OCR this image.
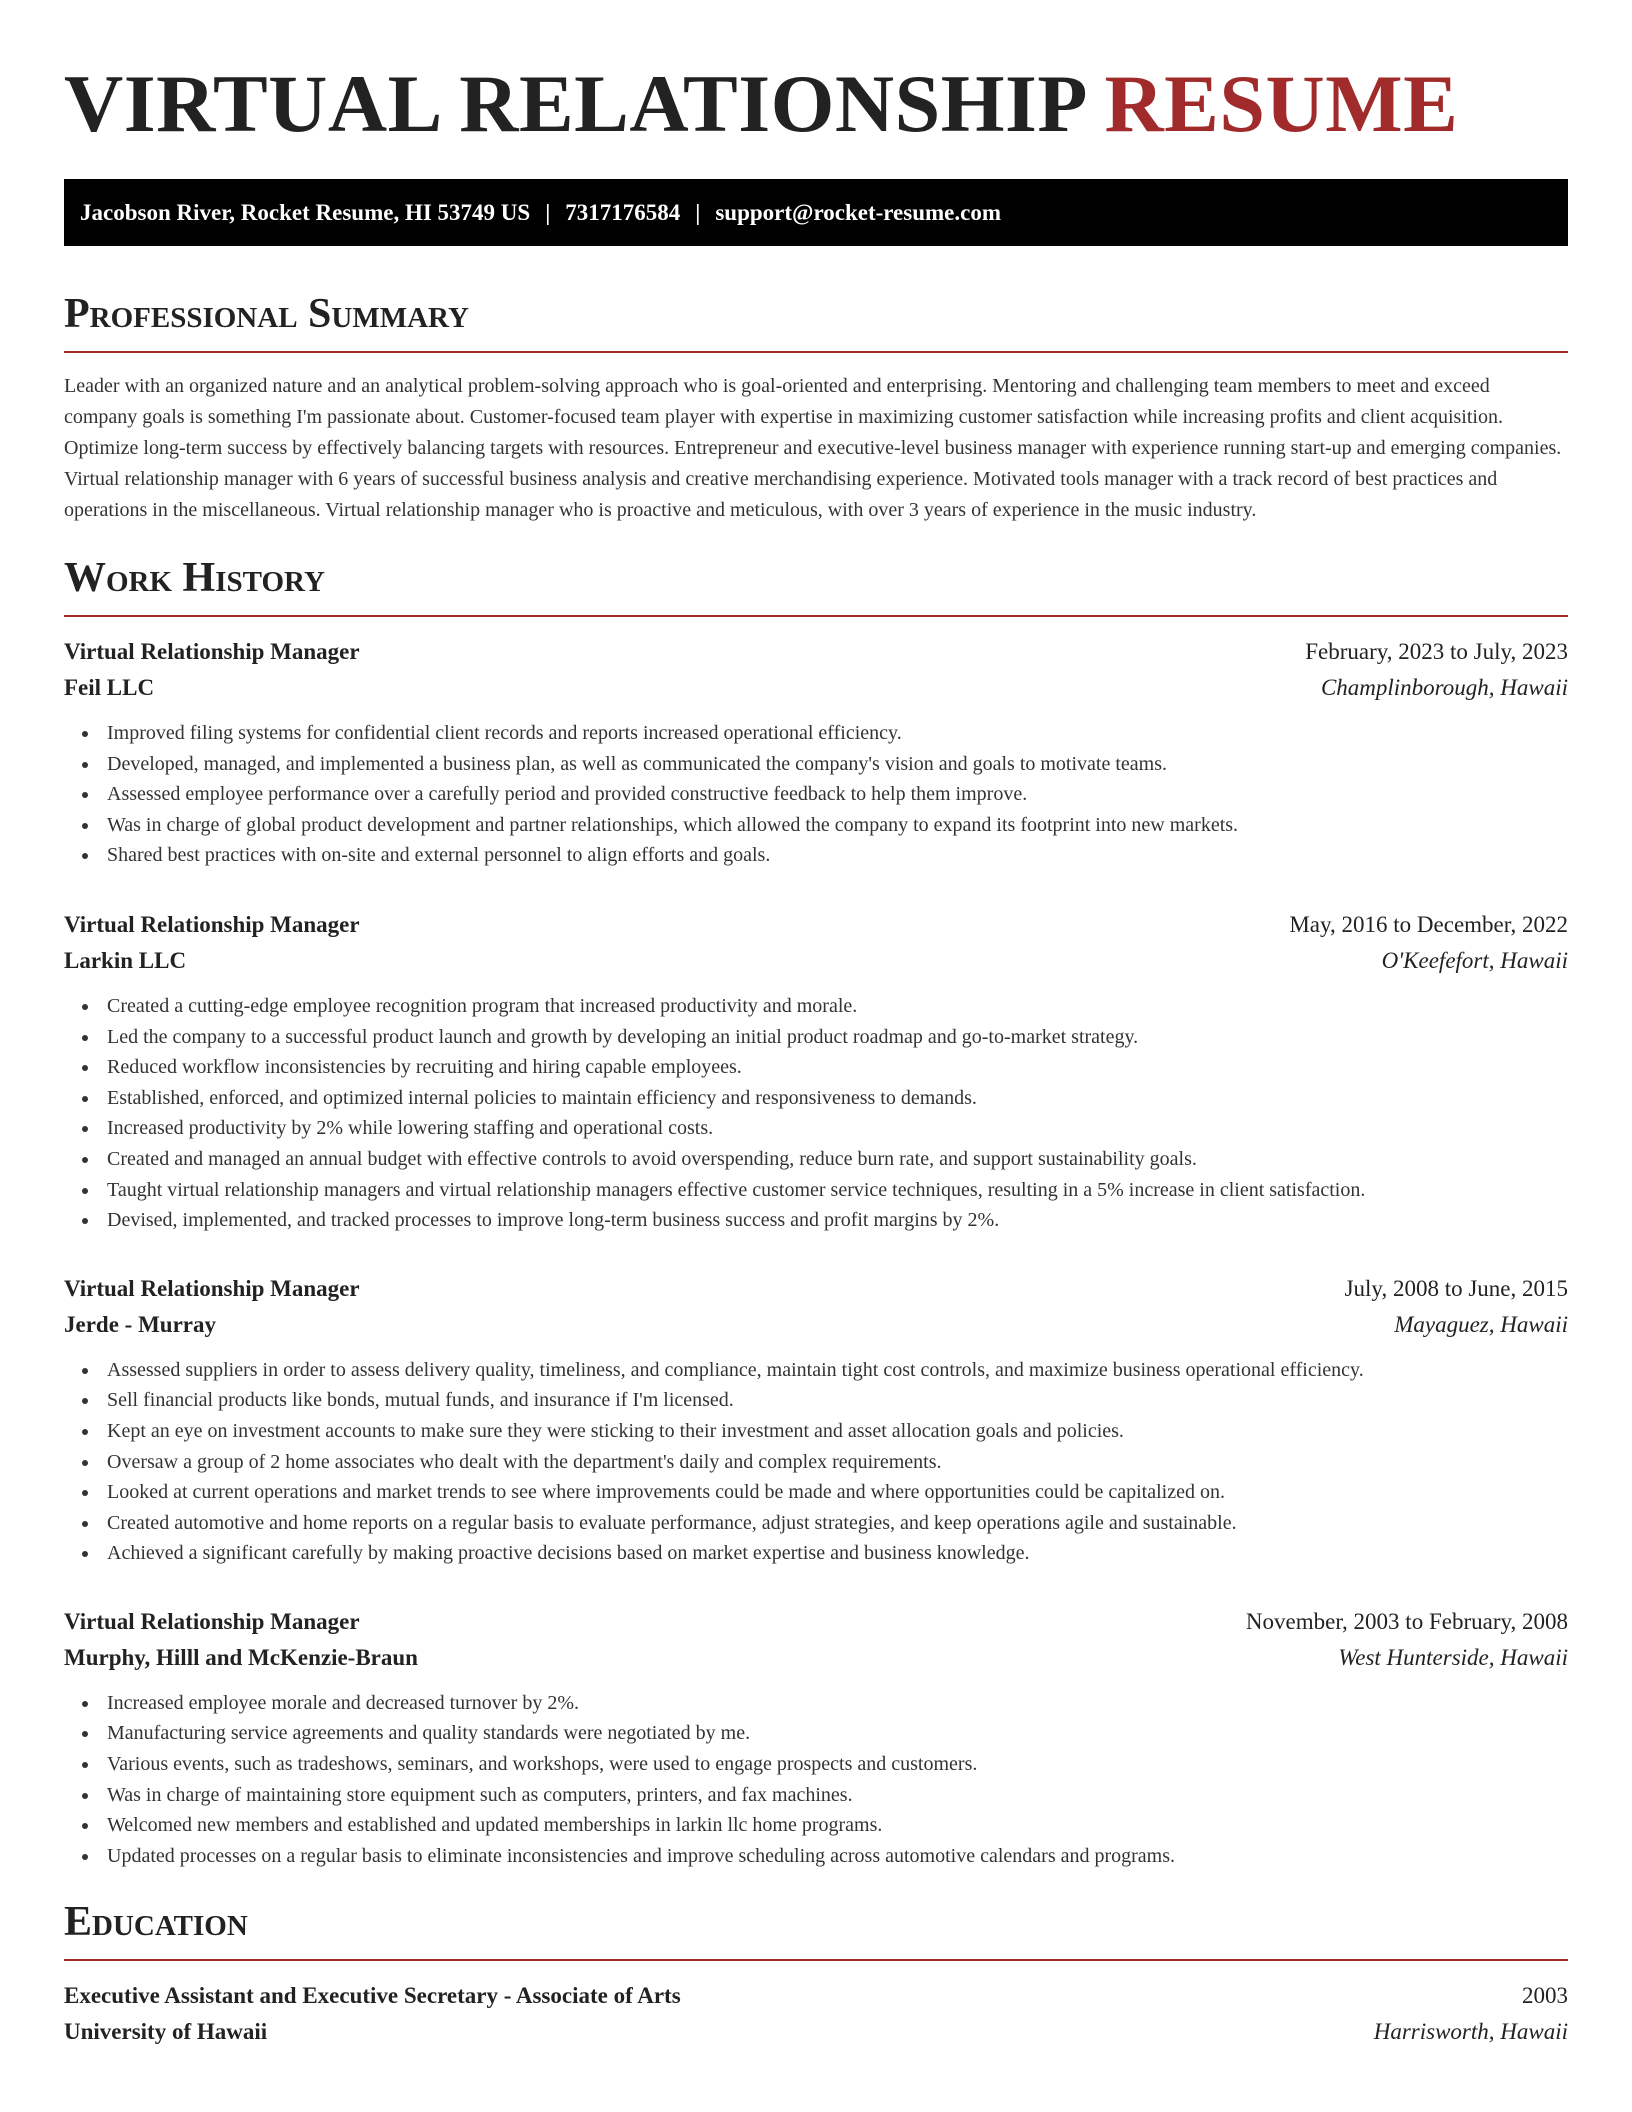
VIRTUAL RELATIONSHIP RESUME
Jacobson River, Rocket Resume, HI 53749 US | 7317176584 | support@rocket-resume.com
Professional Summary

Leader with an organized nature and an analytical problem-solving approach who is goal-oriented and enterprising. Mentoring and challenging team members to meet and exceed company goals is something I'm passionate about. Customer-focused team player with expertise in maximizing customer satisfaction while increasing profits and client acquisition. Optimize long-term success by effectively balancing targets with resources. Entrepreneur and executive-level business manager with experience running start-up and emerging companies. Virtual relationship manager with 6 years of successful business analysis and creative merchandising experience. Motivated tools manager with a track record of best practices and operations in the miscellaneous. Virtual relationship manager who is proactive and meticulous, with over 3 years of experience in the music industry.

Work History
Virtual Relationship Manager	February, 2023 to July, 2023
Feil LLC	Champlinborough, Hawaii
Improved filing systems for confidential client records and reports increased operational efficiency.
Developed, managed, and implemented a business plan, as well as communicated the company's vision and goals to motivate teams.
Assessed employee performance over a carefully period and provided constructive feedback to help them improve.
Was in charge of global product development and partner relationships, which allowed the company to expand its footprint into new markets.
Shared best practices with on-site and external personnel to align efforts and goals.
Virtual Relationship Manager	May, 2016 to December, 2022
Larkin LLC	O'Keefefort, Hawaii
Created a cutting-edge employee recognition program that increased productivity and morale.
Led the company to a successful product launch and growth by developing an initial product roadmap and go-to-market strategy.
Reduced workflow inconsistencies by recruiting and hiring capable employees.
Established, enforced, and optimized internal policies to maintain efficiency and responsiveness to demands.
Increased productivity by 2% while lowering staffing and operational costs.
Created and managed an annual budget with effective controls to avoid overspending, reduce burn rate, and support sustainability goals.
Taught virtual relationship managers and virtual relationship managers effective customer service techniques, resulting in a 5% increase in client satisfaction.
Devised, implemented, and tracked processes to improve long-term business success and profit margins by 2%.
Virtual Relationship Manager	July, 2008 to June, 2015
Jerde - Murray	Mayaguez, Hawaii
Assessed suppliers in order to assess delivery quality, timeliness, and compliance, maintain tight cost controls, and maximize business operational efficiency.
Sell financial products like bonds, mutual funds, and insurance if I'm licensed.
Kept an eye on investment accounts to make sure they were sticking to their investment and asset allocation goals and policies.
Oversaw a group of 2 home associates who dealt with the department's daily and complex requirements.
Looked at current operations and market trends to see where improvements could be made and where opportunities could be capitalized on.
Created automotive and home reports on a regular basis to evaluate performance, adjust strategies, and keep operations agile and sustainable.
Achieved a significant carefully by making proactive decisions based on market expertise and business knowledge.
Virtual Relationship Manager	November, 2003 to February, 2008
Murphy, Hilll and McKenzie-Braun	West Hunterside, Hawaii
Increased employee morale and decreased turnover by 2%.
Manufacturing service agreements and quality standards were negotiated by me.
Various events, such as tradeshows, seminars, and workshops, were used to engage prospects and customers.
Was in charge of maintaining store equipment such as computers, printers, and fax machines.
Welcomed new members and established and updated memberships in larkin llc home programs.
Updated processes on a regular basis to eliminate inconsistencies and improve scheduling across automotive calendars and programs.
Education
Executive Assistant and Executive Secretary - Associate of Arts	2003
University of Hawaii	Harrisworth, Hawaii
